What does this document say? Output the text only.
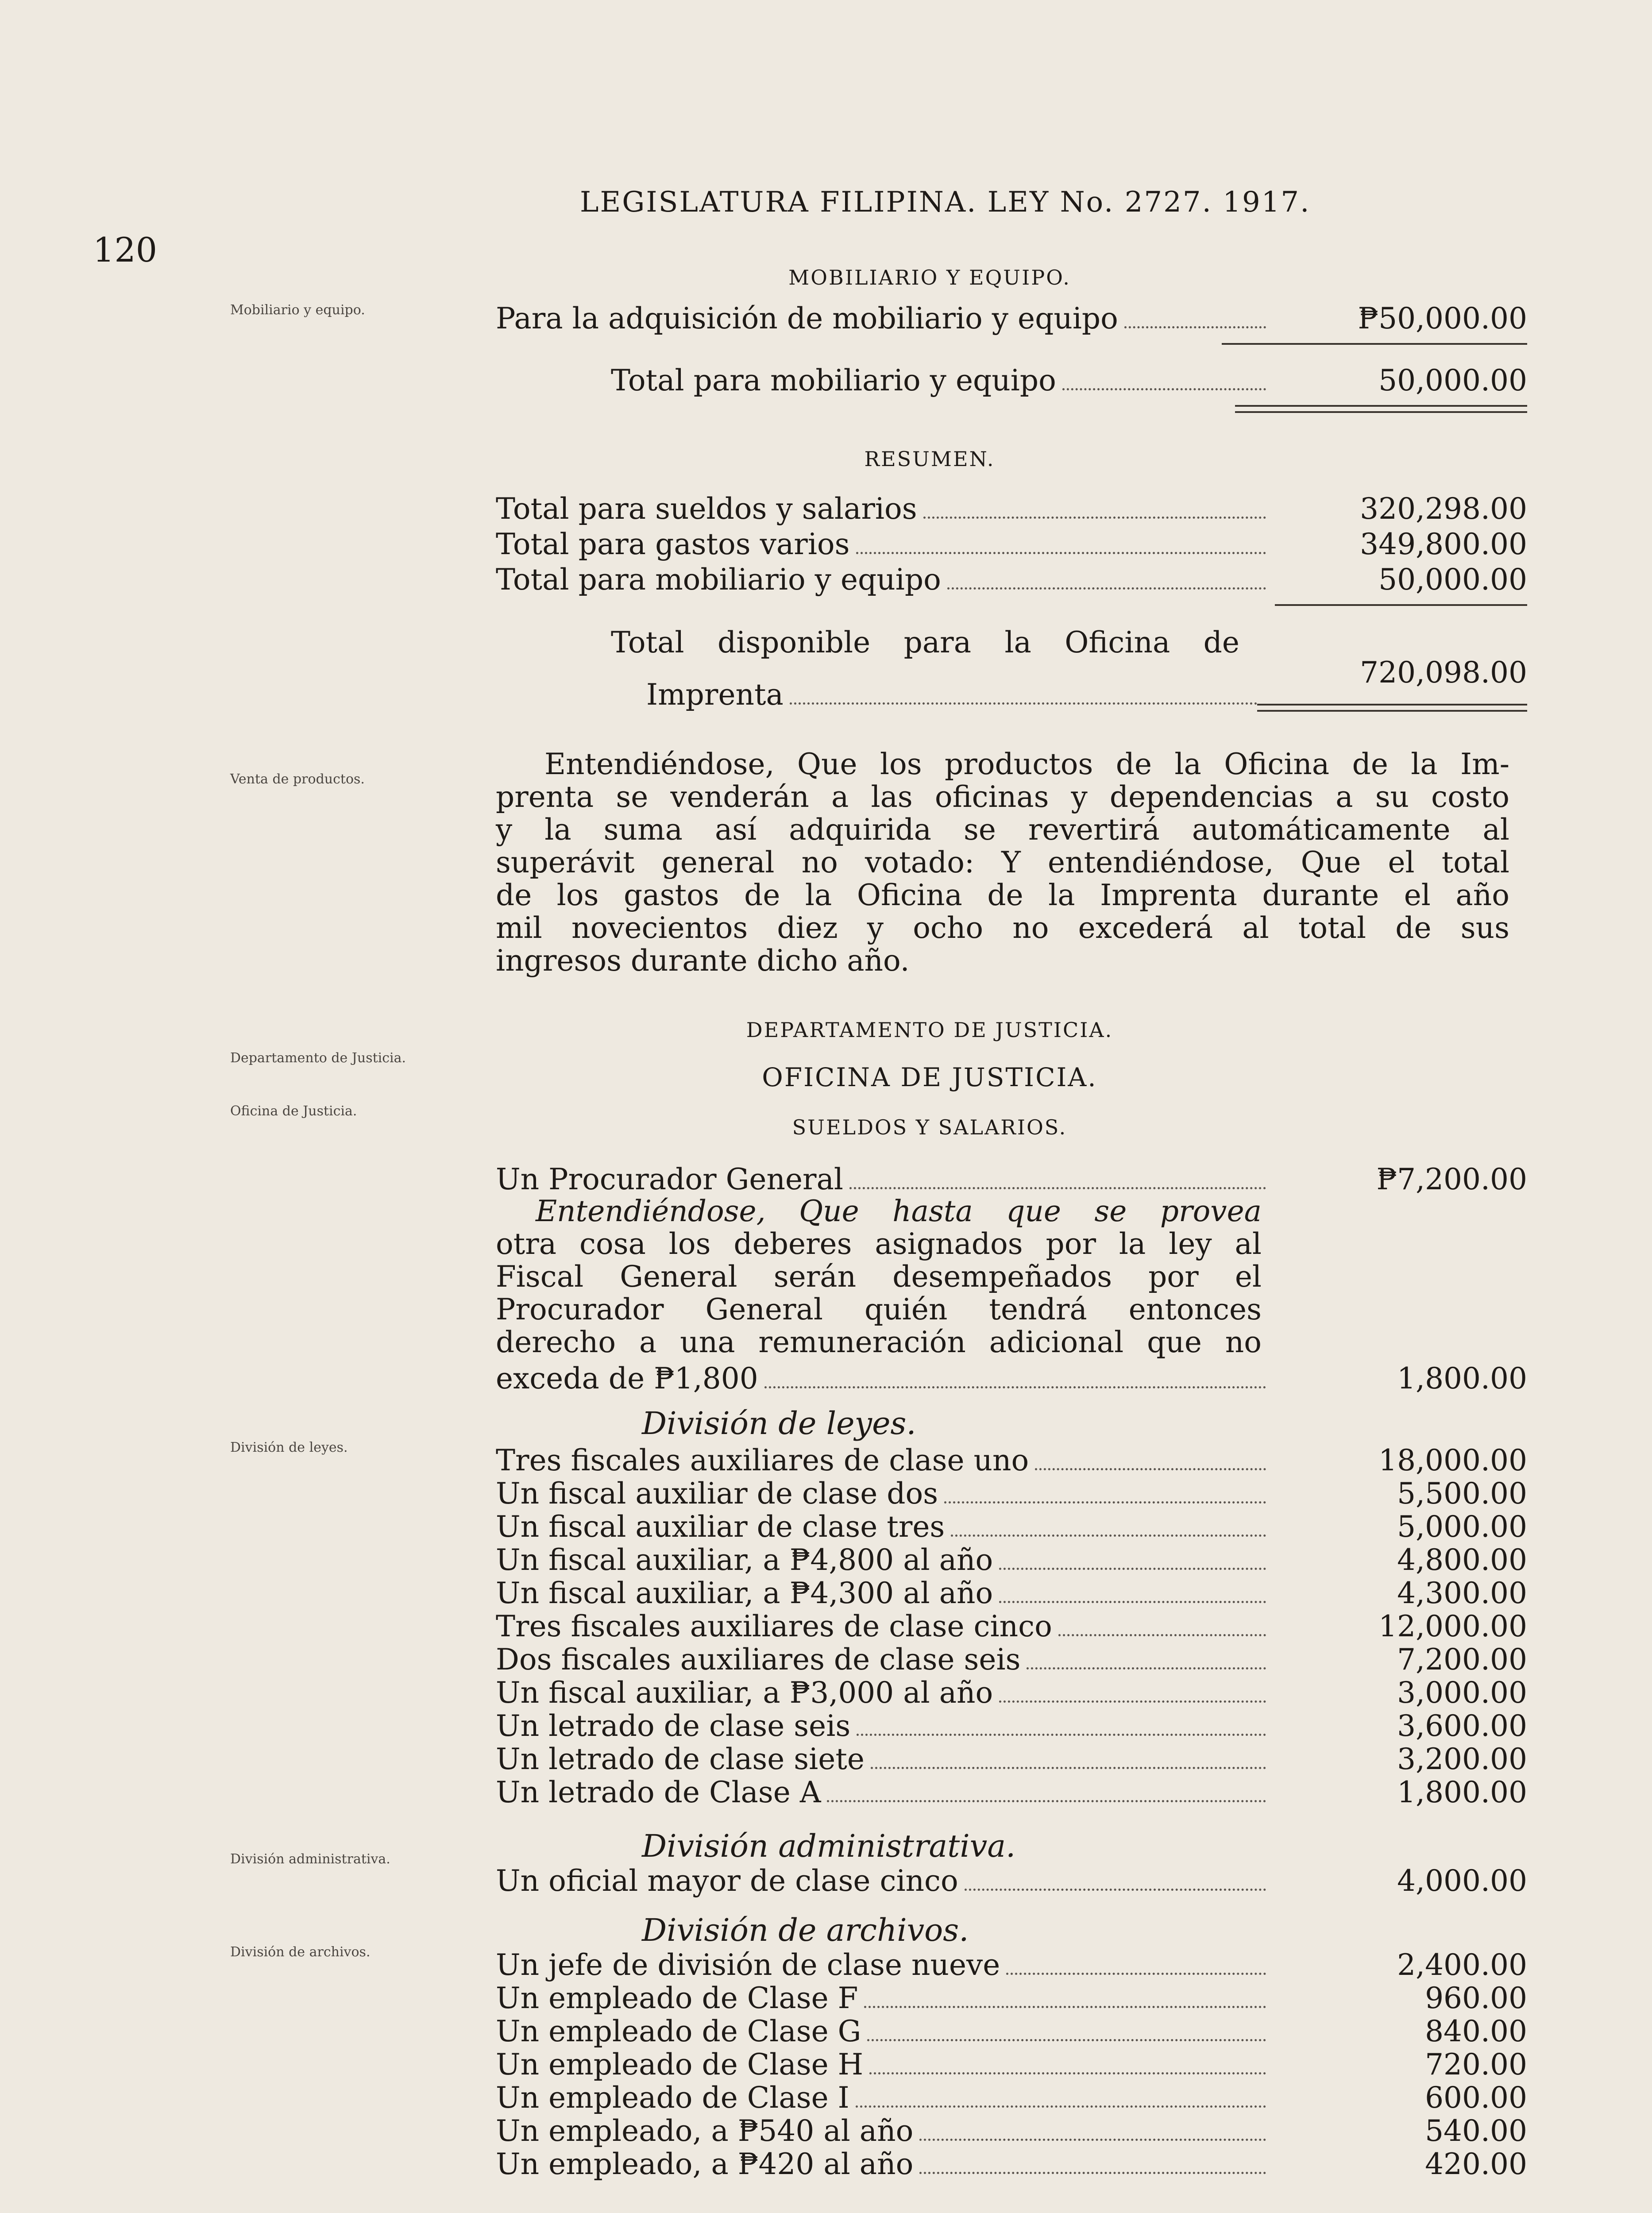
120
LEGISLATURA FILIPINA. LEY No. 2727. 1917.
Mobiliario y equipo.
Venta de productos.
Departamento de Justicia.
Oficina de Justicia.
División de leyes.
División administrativa.
División de archivos.
MOBILIARIO Y EQUIPO.
Para la adquisición de mobiliario y equipo	₱50,000.00
Total para mobiliario y equipo	50,000.00
RESUMEN.
Total para sueldos y salarios	320,298.00
Total para gastos varios	349,800.00
Total para mobiliario y equipo	50,000.00
Total disponible para la Oficina de
Imprenta
720,098.00
Entendiéndose, Que los productos de la Oficina de la Im-
prenta se venderán a las oficinas y dependencias a su costo
y la suma así adquirida se revertirá automáticamente al
superávit general no votado: Y entendiéndose, Que el total
de los gastos de la Oficina de la Imprenta durante el año
mil novecientos diez y ocho no excederá al total de sus
ingresos durante dicho año.
DEPARTAMENTO DE JUSTICIA.
OFICINA DE JUSTICIA.
SUELDOS Y SALARIOS.
Un Procurador General	₱7,200.00
Entendiéndose, Que hasta que se provea
otra cosa los deberes asignados por la ley al
Fiscal General serán desempeñados por el
Procurador General quién tendrá entonces
derecho a una remuneración adicional que no
exceda de ₱1,800	1,800.00
División de leyes.
Tres fiscales auxiliares de clase uno	18,000.00
Un fiscal auxiliar de clase dos	5,500.00
Un fiscal auxiliar de clase tres	5,000.00
Un fiscal auxiliar, a ₱4,800 al año	4,800.00
Un fiscal auxiliar, a ₱4,300 al año	4,300.00
Tres fiscales auxiliares de clase cinco	12,000.00
Dos fiscales auxiliares de clase seis	7,200.00
Un fiscal auxiliar, a ₱3,000 al año	3,000.00
Un letrado de clase seis	3,600.00
Un letrado de clase siete	3,200.00
Un letrado de Clase A	1,800.00
División administrativa.
Un oficial mayor de clase cinco	4,000.00
División de archivos.
Un jefe de división de clase nueve	2,400.00
Un empleado de Clase F	960.00
Un empleado de Clase G	840.00
Un empleado de Clase H	720.00
Un empleado de Clase I	600.00
Un empleado, a ₱540 al año	540.00
Un empleado, a ₱420 al año	420.00
